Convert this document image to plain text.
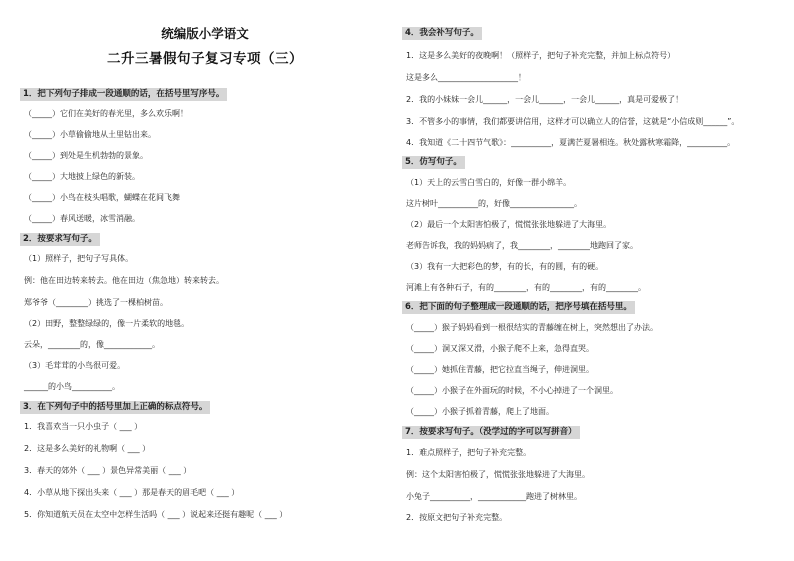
统编版小学语文
二升三暑假句子复习专项（三）
1．把下列句子排成一段通顺的话，在括号里写序号。
（_____）它们在美好的春光里，多么欢乐啊！
（_____）小草偷偷地从土里钻出来。
（_____）到处是生机勃勃的景象。
（_____）大地披上绿色的新装。
（_____）小鸟在枝头唱歌，蝴蝶在花间飞舞
（_____）春风送暖，冰雪消融。
2．按要求写句子。
（1）照样子，把句子写具体。
例：他在田边转来转去。他在田边（焦急地）转来转去。
郑爷爷（________）挑选了一棵柏树苗。
（2）田野，整整绿绿的，像一片柔软的地毯。
云朵，________的，像____________。
（3）毛茸茸的小鸟很可爱。
______的小鸟__________。
3．在下列句子中的括号里加上正确的标点符号。
1．我喜欢当一只小虫子（ ___ ）
2．这是多么美好的礼物啊（ ___ ）
3．春天的郊外（ ___ ）景色异常美丽（ ___ ）
4．小草从地下探出头来（ ___ ）那是春天的眉毛吧（ ___ ）
5．你知道航天员在太空中怎样生活吗（ ___ ）说起来还挺有趣呢（ ___ ）
4．我会补写句子。
1．这是多么美好的夜晚啊！（照样子，把句子补充完整，并加上标点符号）
这是多么____________________！
2．我的小妹妹一会儿______，一会儿______，一会儿______，真是可爱极了！
3．不管多小的事情，我们都要讲信用，这样才可以确立人的信誉，这就是“小信成则______”。
4．我知道《二十四节气歌》：__________，夏满芒夏暑相连。秋处露秋寒霜降，__________。
5．仿写句子。
（1）天上的云雪白雪白的，好像一群小绵羊。
这片树叶__________的，好像________________。
（2）最后一个太阳害怕极了，慌慌张张地躲进了大海里。
老师告诉我，我的妈妈病了，我________，________地跑回了家。
（3）我有一大把彩色的梦，有的长，有的圆，有的硬。
河滩上有各种石子，有的________，有的________，有的________。
6．把下面的句子整理成一段通顺的话，把序号填在括号里。
（_____）猴子妈妈看到一根很结实的青藤缠在树上，突然想出了办法。
（_____）洞又深又滑，小猴子爬不上来，急得直哭。
（_____）她抓住青藤，把它拉直当绳子，伸进洞里。
（_____）小猴子在外面玩的时候，不小心掉进了一个洞里。
（_____）小猴子抓着青藤，爬上了地面。
7．按要求写句子。（没学过的字可以写拼音）
1．难点照样子，把句子补充完整。
例：这个太阳害怕极了，慌慌张张地躲进了大海里。
小兔子__________，____________跑进了树林里。
2．按原文把句子补充完整。
